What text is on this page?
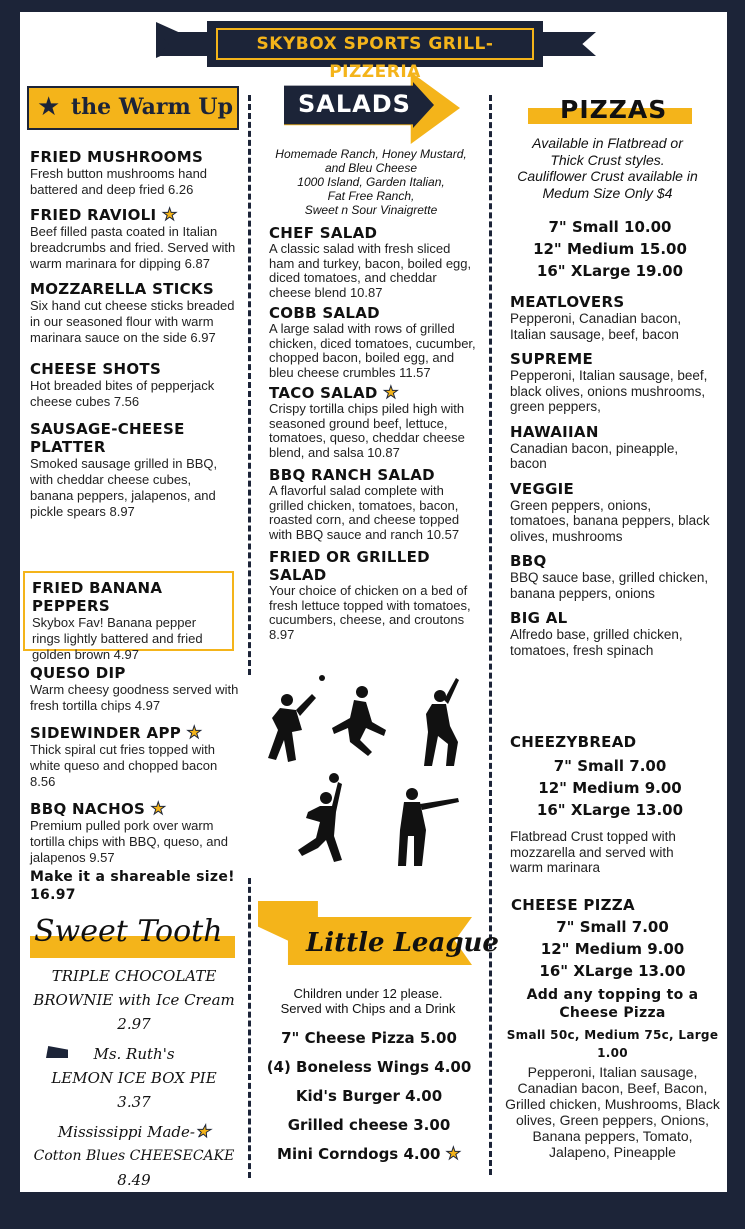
SKYBOX SPORTS GRILL-PIZZERIA
★ the Warm Up
FRIED MUSHROOMS
Fresh button mushrooms hand battered and deep fried 6.26
FRIED RAVIOLI ★
Beef filled pasta coated in Italian breadcrumbs and fried. Served with warm marinara for dipping 6.87
MOZZARELLA STICKS
Six hand cut cheese sticks breaded in our seasoned flour with warm marinara sauce on the side 6.97
CHEESE SHOTS
Hot breaded bites of pepperjack cheese cubes 7.56
SAUSAGE-CHEESE PLATTER
Smoked sausage grilled in BBQ, with cheddar cheese cubes, banana peppers, jalapenos, and pickle spears 8.97
FRIED BANANA PEPPERS
Skybox Fav! Banana pepper rings lightly battered and fried golden brown 4.97
QUESO DIP
Warm cheesy goodness served with fresh tortilla chips 4.97
SIDEWINDER APP ★
Thick spiral cut fries topped with white queso and chopped bacon 8.56
BBQ NACHOS ★
Premium pulled pork over warm tortilla chips with BBQ, queso, and jalapenos 9.57
Make it a shareable size! 16.97
Sweet Tooth
TRIPLE CHOCOLATE
BROWNIE with Ice Cream
2.97
Ms. Ruth's
LEMON ICE BOX PIE
3.37
Mississippi Made-★
Cotton Blues CHEESECAKE
8.49
SALADS
Homemade Ranch, Honey Mustard,
and Bleu Cheese
1000 Island, Garden Italian,
Fat Free Ranch,
Sweet n Sour Vinaigrette
CHEF SALAD
A classic salad with fresh sliced ham and turkey, bacon, boiled egg, diced tomatoes, and cheddar cheese blend 10.87
COBB SALAD
A large salad with rows of grilled chicken, diced tomatoes, cucumber, chopped bacon, boiled egg, and bleu cheese crumbles 11.57
TACO SALAD ★
Crispy tortilla chips piled high with seasoned ground beef, lettuce, tomatoes, queso, cheddar cheese blend, and salsa 10.87
BBQ RANCH SALAD
A flavorful salad complete with grilled chicken, tomatoes, bacon, roasted corn, and cheese topped with BBQ sauce and ranch 10.57
FRIED OR GRILLED SALAD
Your choice of chicken on a bed of fresh lettuce topped with tomatoes, cucumbers, cheese, and croutons 8.97
Little League
Children under 12 please.
Served with Chips and a Drink
7" Cheese Pizza 5.00
(4) Boneless Wings 4.00
Kid's Burger 4.00
Grilled cheese 3.00
Mini Corndogs 4.00 ★
PIZZAS
Available in Flatbread or
Thick Crust styles.
Cauliflower Crust available in
Medum Size Only $4
7" Small 10.00
12" Medium 15.00
16" XLarge 19.00
MEATLOVERS
Pepperoni, Canadian bacon, Italian sausage, beef, bacon
SUPREME
Pepperoni, Italian sausage, beef, black olives, onions mushrooms, green peppers,
HAWAIIAN
Canadian bacon, pineapple, bacon
VEGGIE
Green peppers, onions, tomatoes, banana peppers, black olives, mushrooms
BBQ
BBQ sauce base, grilled chicken, banana peppers, onions
BIG AL
Alfredo base, grilled chicken, tomatoes, fresh spinach
CHEEZYBREAD
7" Small 7.00
12" Medium 9.00
16" XLarge 13.00
Flatbread Crust topped with mozzarella and served with warm marinara
CHEESE PIZZA
7" Small 7.00
12" Medium 9.00
16" XLarge 13.00
Add any topping to a
Cheese Pizza
Small 50c, Medium 75c, Large 1.00
Pepperoni, Italian sausage, Canadian bacon, Beef, Bacon, Grilled chicken, Mushrooms, Black olives, Green peppers, Onions, Banana peppers, Tomato, Jalapeno, Pineapple
